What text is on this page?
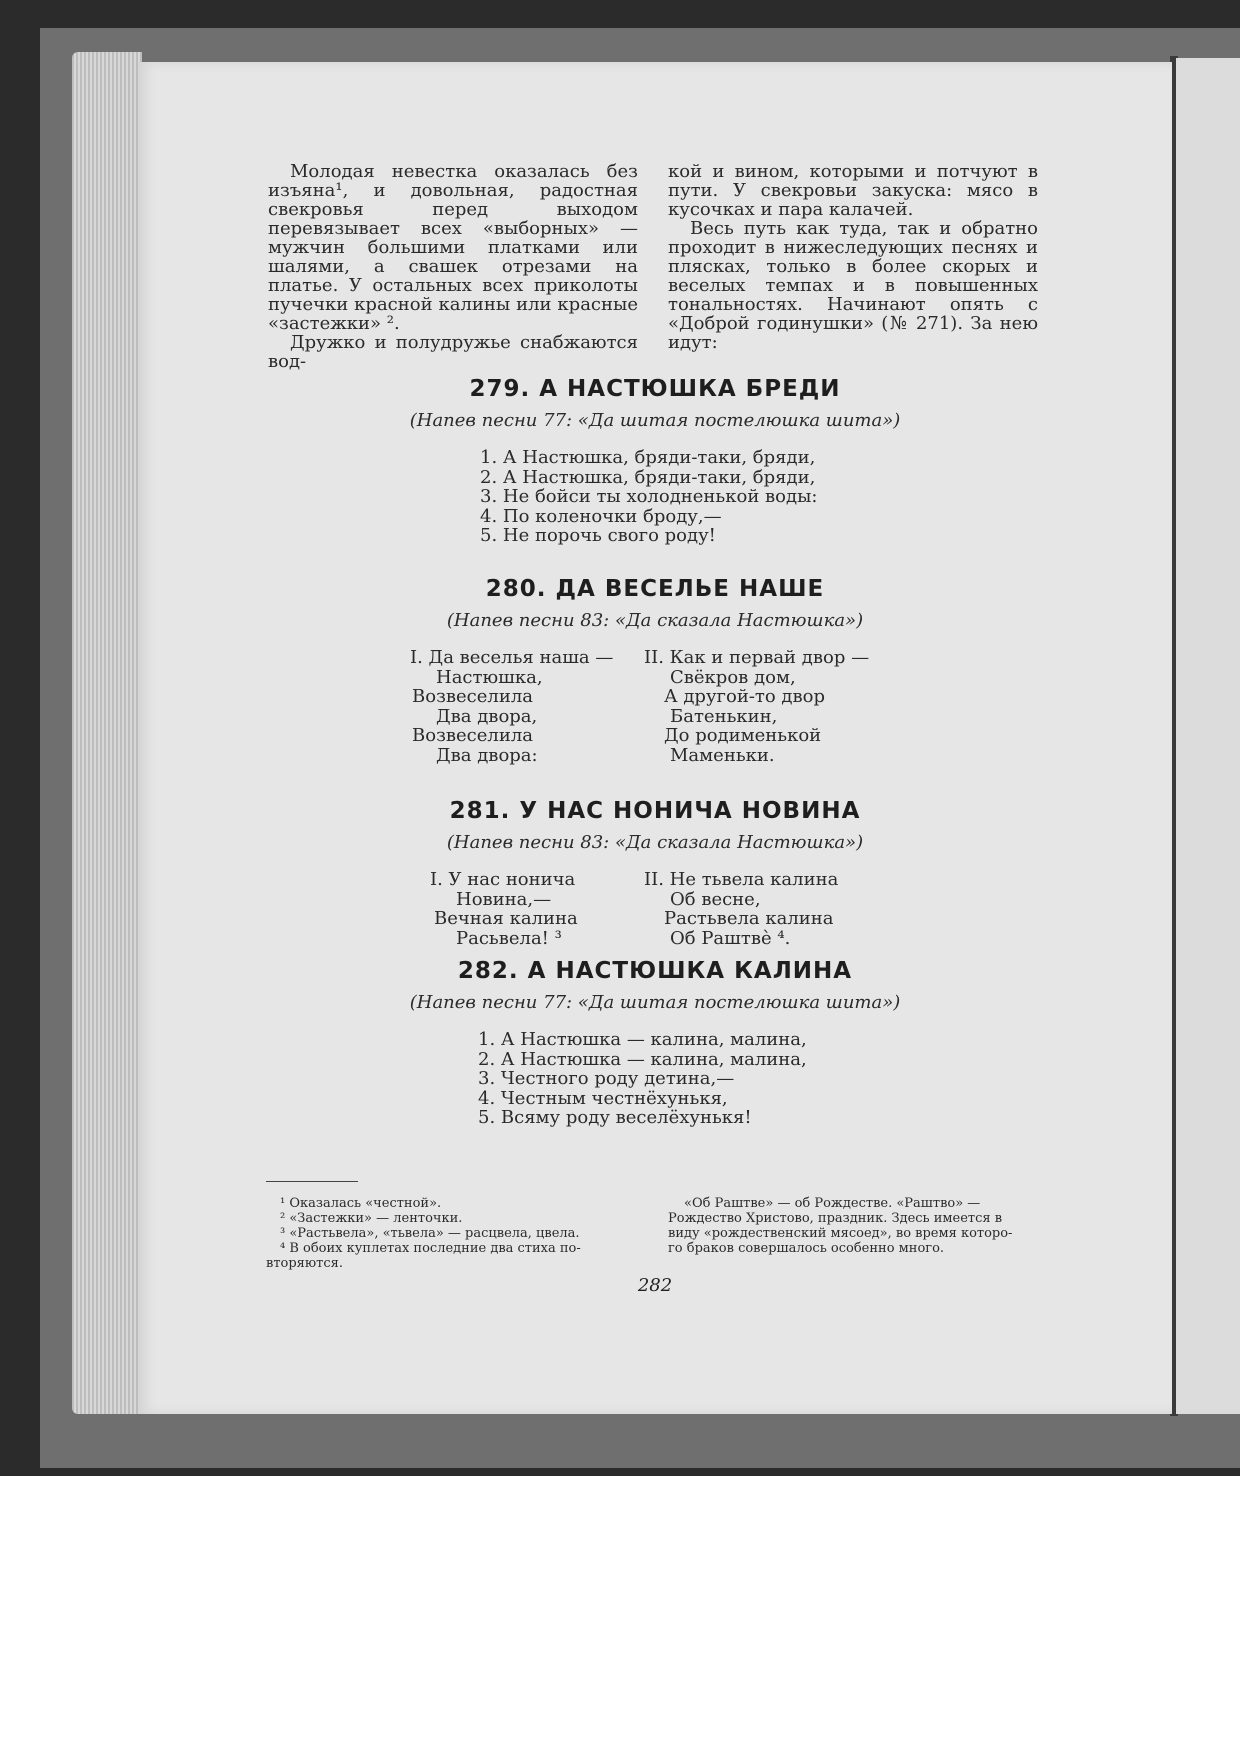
Молодая невестка оказалась без изъяна¹, и довольная, радостная свекровья перед выходом перевязывает всех «выборных» — мужчин большими платками или шалями, а свашек отрезами на платье. У остальных всех приколоты пучечки красной калины или красные «застежки» ².

Дружко и полудружье снабжаются вод-

кой и вином, которыми и потчуют в пути. У свекровьи закуска: мясо в кусочках и пара калачей.

Весь путь как туда, так и обратно проходит в нижеследующих песнях и плясках, только в более скорых и веселых темпах и в повышенных тональностях. Начинают опять с «Доброй годинушки» (№ 271). За нею идут:

279. А НАСТЮШКА БРЕДИ
(Напев песни 77: «Да шитая постелюшка шита»)
1. А Настюшка, бряди-таки, бряди,
2. А Настюшка, бряди-таки, бряди,
3. Не бойси ты холодненькой воды:
4. По коленочки броду,—
5. Не порочь свого роду!
280. ДА ВЕСЕЛЬЕ НАШЕ
(Напев песни 83: «Да сказала Настюшка»)
I. Да веселья наша —
Настюшка,
Возвеселила
Два двора,
Возвеселила
Два двора:
II. Как и первай двор —
Свёкров дом,
А другой-то двор
Батенькин,
До родименькой
Маменьки.
281. У НАС НОНИЧА НОВИНА
(Напев песни 83: «Да сказала Настюшка»)
I. У нас нонича
Новина,—
Вечная калина
Расьвела! ³
II. Не тьвела калина
Об весне,
Растьвела калина
Об Раштвѐ ⁴.
282. А НАСТЮШКА КАЛИНА
(Напев песни 77: «Да шитая постелюшка шита»)
1. А Настюшка — калина, малина,
2. А Настюшка — калина, малина,
3. Честного роду детина,—
4. Честным честнёхунькя,
5. Всяму роду веселёхунькя!
¹ Оказалась «честной».
² «Застежки» — ленточки.
³ «Растьвела», «тьвела» — расцвела, цвела.
⁴ В обоих куплетах последние два стиха по-
вторяются.
«Об Раштве» — об Рождестве. «Раштво» —
Рождество Христово, праздник. Здесь имеется в
виду «рождественский мясоед», во время которо-
го браков совершалось особенно много.
282
